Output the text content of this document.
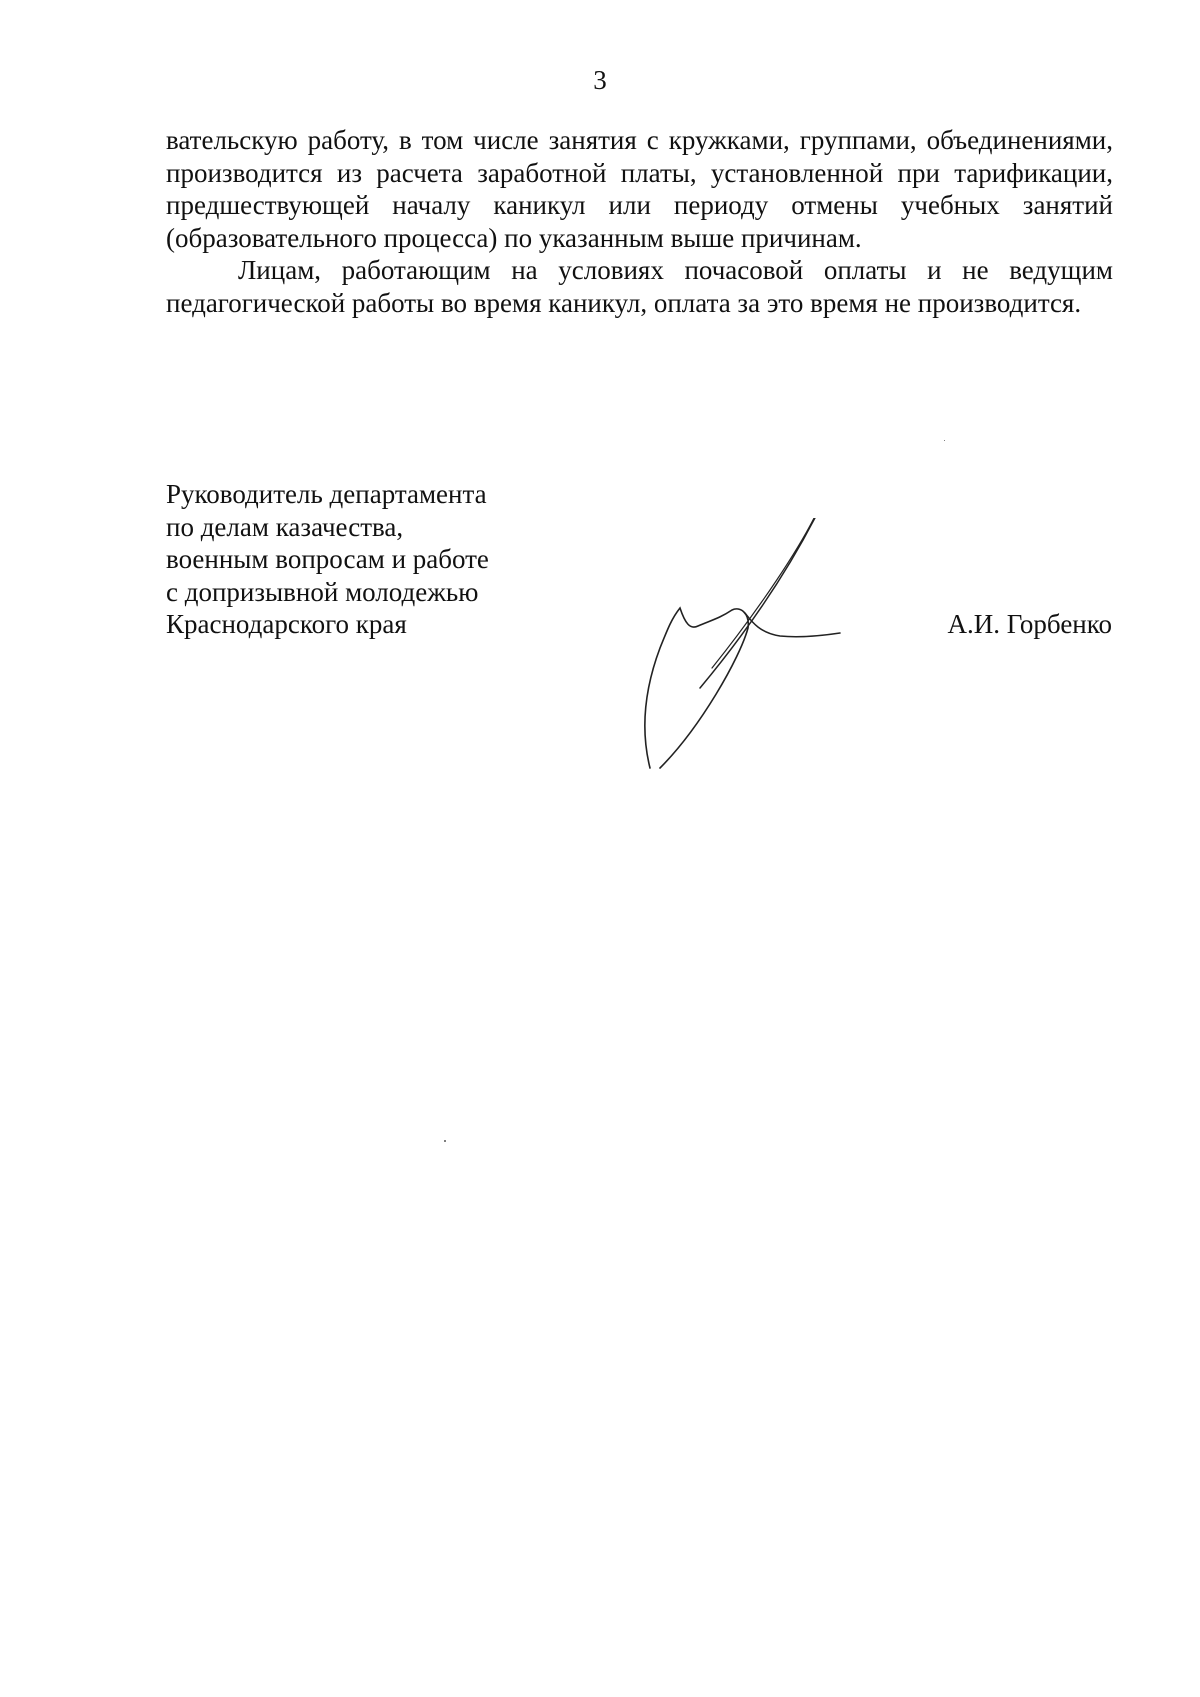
3

вательскую работу, в том числе занятия с кружками, группами, объединениями, производится из расчета заработной платы, установленной при тарификации, предшествующей началу каникул или периоду отмены учебных занятий (образовательного процесса) по указанным выше причинам.

Лицам, работающим на условиях почасовой оплаты и не ведущим педагогической работы во время каникул, оплата за это время не производится.

Руководитель департамента
по делам казачества,
военным вопросам и работе
с допризывной молодежью
Краснодарского края	А.И. Горбенко
